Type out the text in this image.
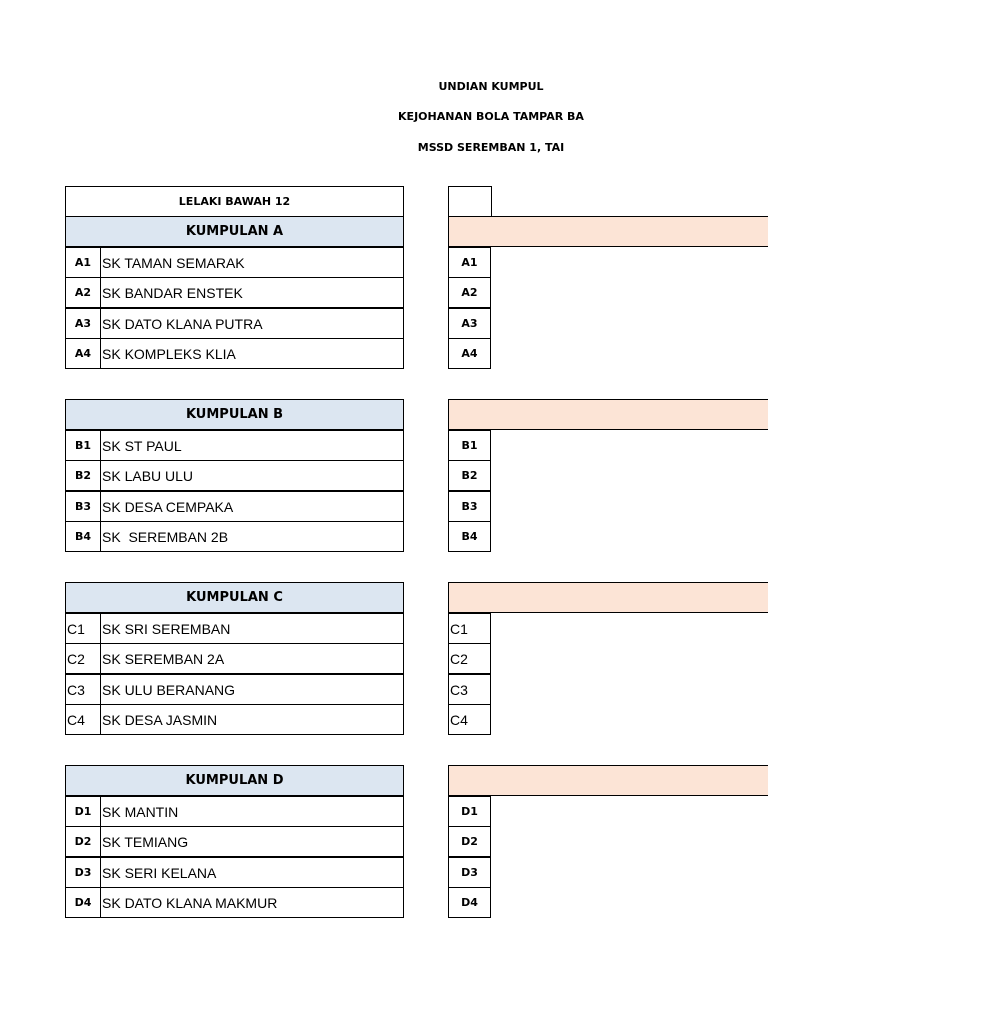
UNDIAN KUMPUL
KEJOHANAN BOLA TAMPAR BA
MSSD SEREMBAN 1, TAI
LELAKI BAWAH 12
KUMPULAN A
A1 SK TAMAN SEMARAK
A2 SK BANDAR ENSTEK
A3 SK DATO KLANA PUTRA
A4 SK KOMPLEKS KLIA
KUMPULAN B
B1 SK ST PAUL
B2 SK LABU ULU
B3 SK DESA CEMPAKA
B4 SK  SEREMBAN 2B
KUMPULAN C
C1	SK SRI SEREMBAN
C2	SK SEREMBAN 2A
C3	SK ULU BERANANG
C4	SK DESA JASMIN
KUMPULAN D
D1 SK MANTIN
D2 SK TEMIANG
D3 SK SERI KELANA
D4 SK DATO KLANA MAKMUR
A1
A2
A3
A4
B1
B2
B3
B4
C1
C2
C3
C4
D1
D2
D3
D4
